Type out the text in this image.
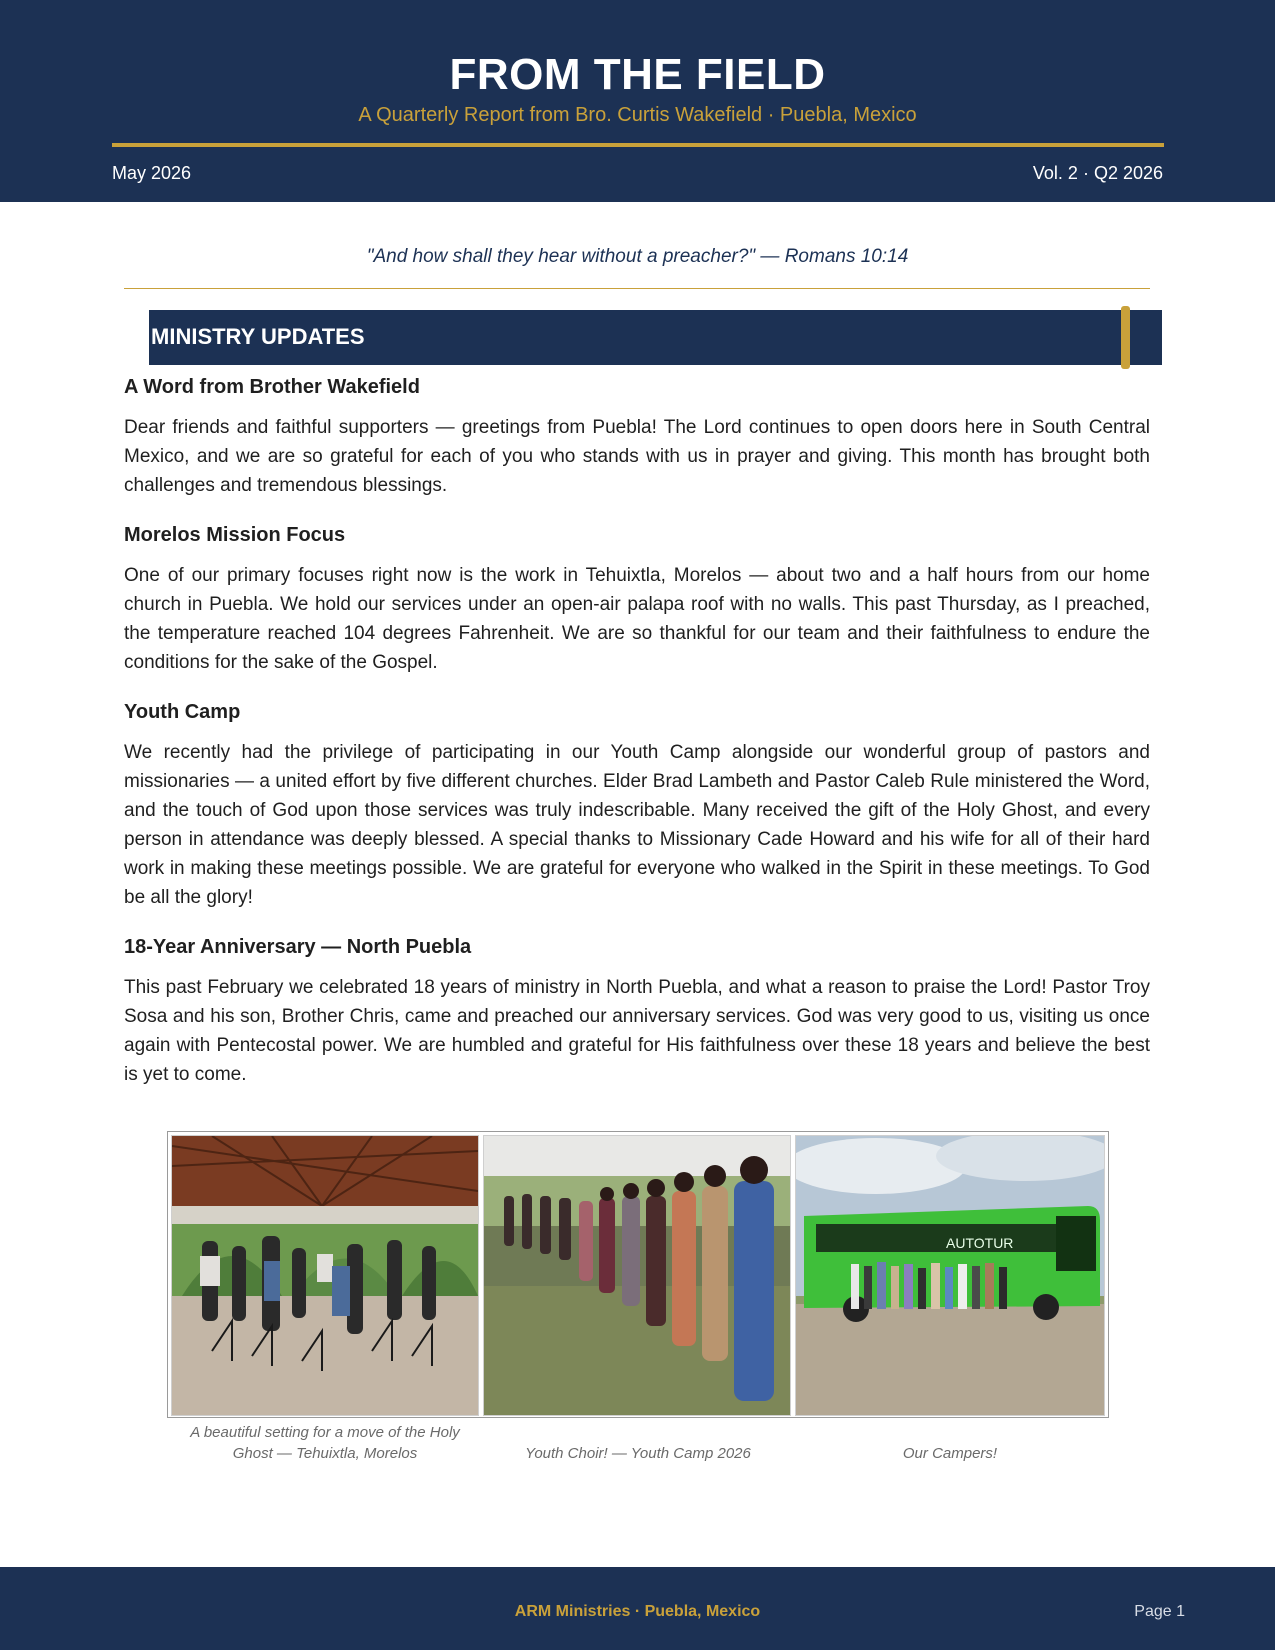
FROM THE FIELD
A Quarterly Report from Bro. Curtis Wakefield · Puebla, Mexico
May 2026	Vol. 2 · Q2 2026
"And how shall they hear without a preacher?" — Romans 10:14
MINISTRY UPDATES
A Word from Brother Wakefield

Dear friends and faithful supporters — greetings from Puebla! The Lord continues to open doors here in South Central Mexico, and we are so grateful for each of you who stands with us in prayer and giving. This month has brought both challenges and tremendous blessings.

Morelos Mission Focus

One of our primary focuses right now is the work in Tehuixtla, Morelos — about two and a half hours from our home church in Puebla. We hold our services under an open-air palapa roof with no walls. This past Thursday, as I preached, the temperature reached 104 degrees Fahrenheit. We are so thankful for our team and their faithfulness to endure the conditions for the sake of the Gospel.

Youth Camp

We recently had the privilege of participating in our Youth Camp alongside our wonderful group of pastors and missionaries — a united effort by five different churches. Elder Brad Lambeth and Pastor Caleb Rule ministered the Word, and the touch of God upon those services was truly indescribable. Many received the gift of the Holy Ghost, and every person in attendance was deeply blessed. A special thanks to Missionary Cade Howard and his wife for all of their hard work in making these meetings possible. We are grateful for everyone who walked in the Spirit in these meetings. To God be all the glory!

18-Year Anniversary — North Puebla

This past February we celebrated 18 years of ministry in North Puebla, and what a reason to praise the Lord! Pastor Troy Sosa and his son, Brother Chris, came and preached our anniversary services. God was very good to us, visiting us once again with Pentecostal power. We are humbled and grateful for His faithfulness over these 18 years and believe the best is yet to come.

AUTOTUR
A beautiful setting for a move of the Holy Ghost — Tehuixtla, Morelos	Youth Choir! — Youth Camp 2026	Our Campers!
ARM Ministries · Puebla, Mexico	Page 1
